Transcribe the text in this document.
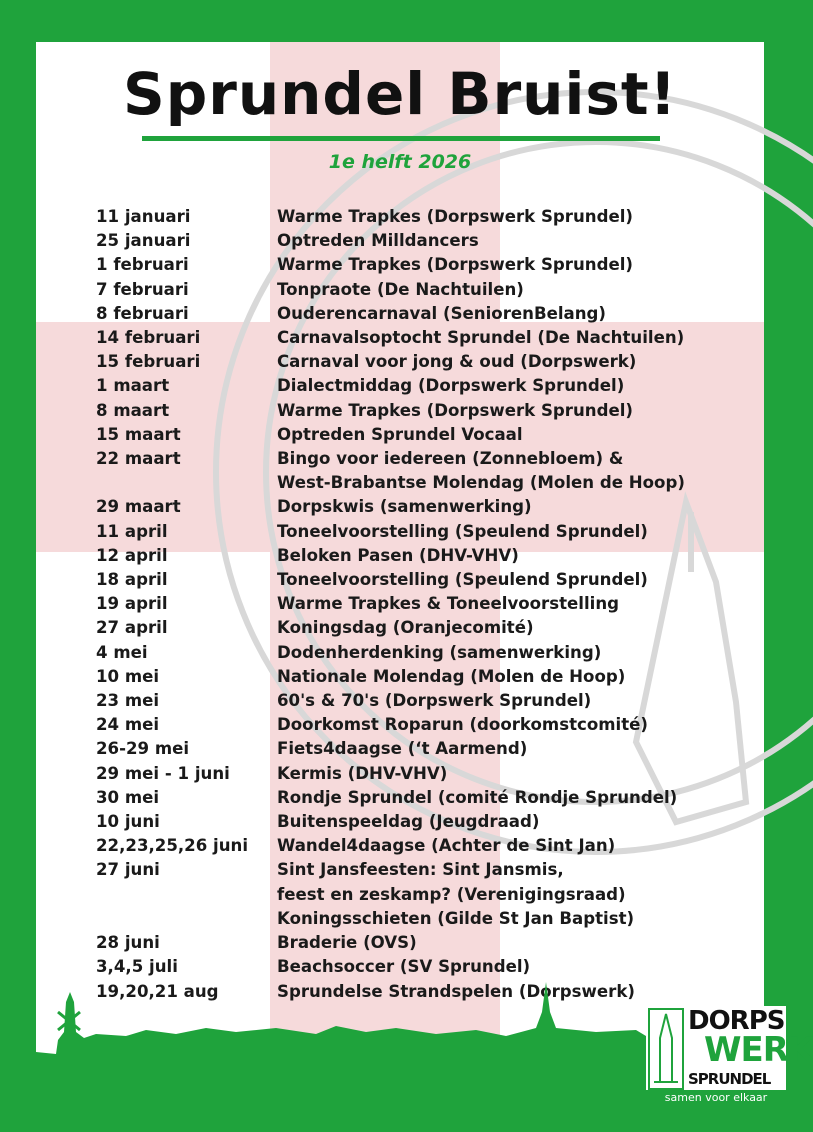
Sprundel Bruist!
1e helft 2026
11 januari	Warme Trapkes (Dorpswerk Sprundel)
25 januari	Optreden Milldancers
1 februari	Warme Trapkes (Dorpswerk Sprundel)
7 februari	Tonpraote (De Nachtuilen)
8 februari	Ouderencarnaval (SeniorenBelang)
14 februari	Carnavalsoptocht Sprundel (De Nachtuilen)
15 februari	Carnaval voor jong & oud (Dorpswerk)
1 maart	Dialectmiddag (Dorpswerk Sprundel)
8 maart	Warme Trapkes (Dorpswerk Sprundel)
15 maart	Optreden Sprundel Vocaal
22 maart	Bingo voor iedereen (Zonnebloem) &
West-Brabantse Molendag (Molen de Hoop)
29 maart	Dorpskwis (samenwerking)
11 april	Toneelvoorstelling (Speulend Sprundel)
12 april	Beloken Pasen (DHV-VHV)
18 april	Toneelvoorstelling (Speulend Sprundel)
19 april	Warme Trapkes & Toneelvoorstelling
27 april	Koningsdag (Oranjecomité)
4 mei	Dodenherdenking (samenwerking)
10 mei	Nationale Molendag (Molen de Hoop)
23 mei	60's & 70's (Dorpswerk Sprundel)
24 mei	Doorkomst Roparun (doorkomstcomité)
26-29 mei	Fiets4daagse (‘t Aarmend)
29 mei - 1 juni	Kermis (DHV-VHV)
30 mei	Rondje Sprundel (comité Rondje Sprundel)
10 juni	Buitenspeeldag (Jeugdraad)
22,23,25,26 juni	Wandel4daagse (Achter de Sint Jan)
27 juni	Sint Jansfeesten: Sint Jansmis,
feest en zeskamp? (Verenigingsraad)
Koningsschieten (Gilde St Jan Baptist)
28 juni	Braderie (OVS)
3,4,5 juli	Beachsoccer (SV Sprundel)
19,20,21 aug	Sprundelse Strandspelen (Dorpswerk)
DORPS
WERK
SPRUNDEL
samen voor elkaar
